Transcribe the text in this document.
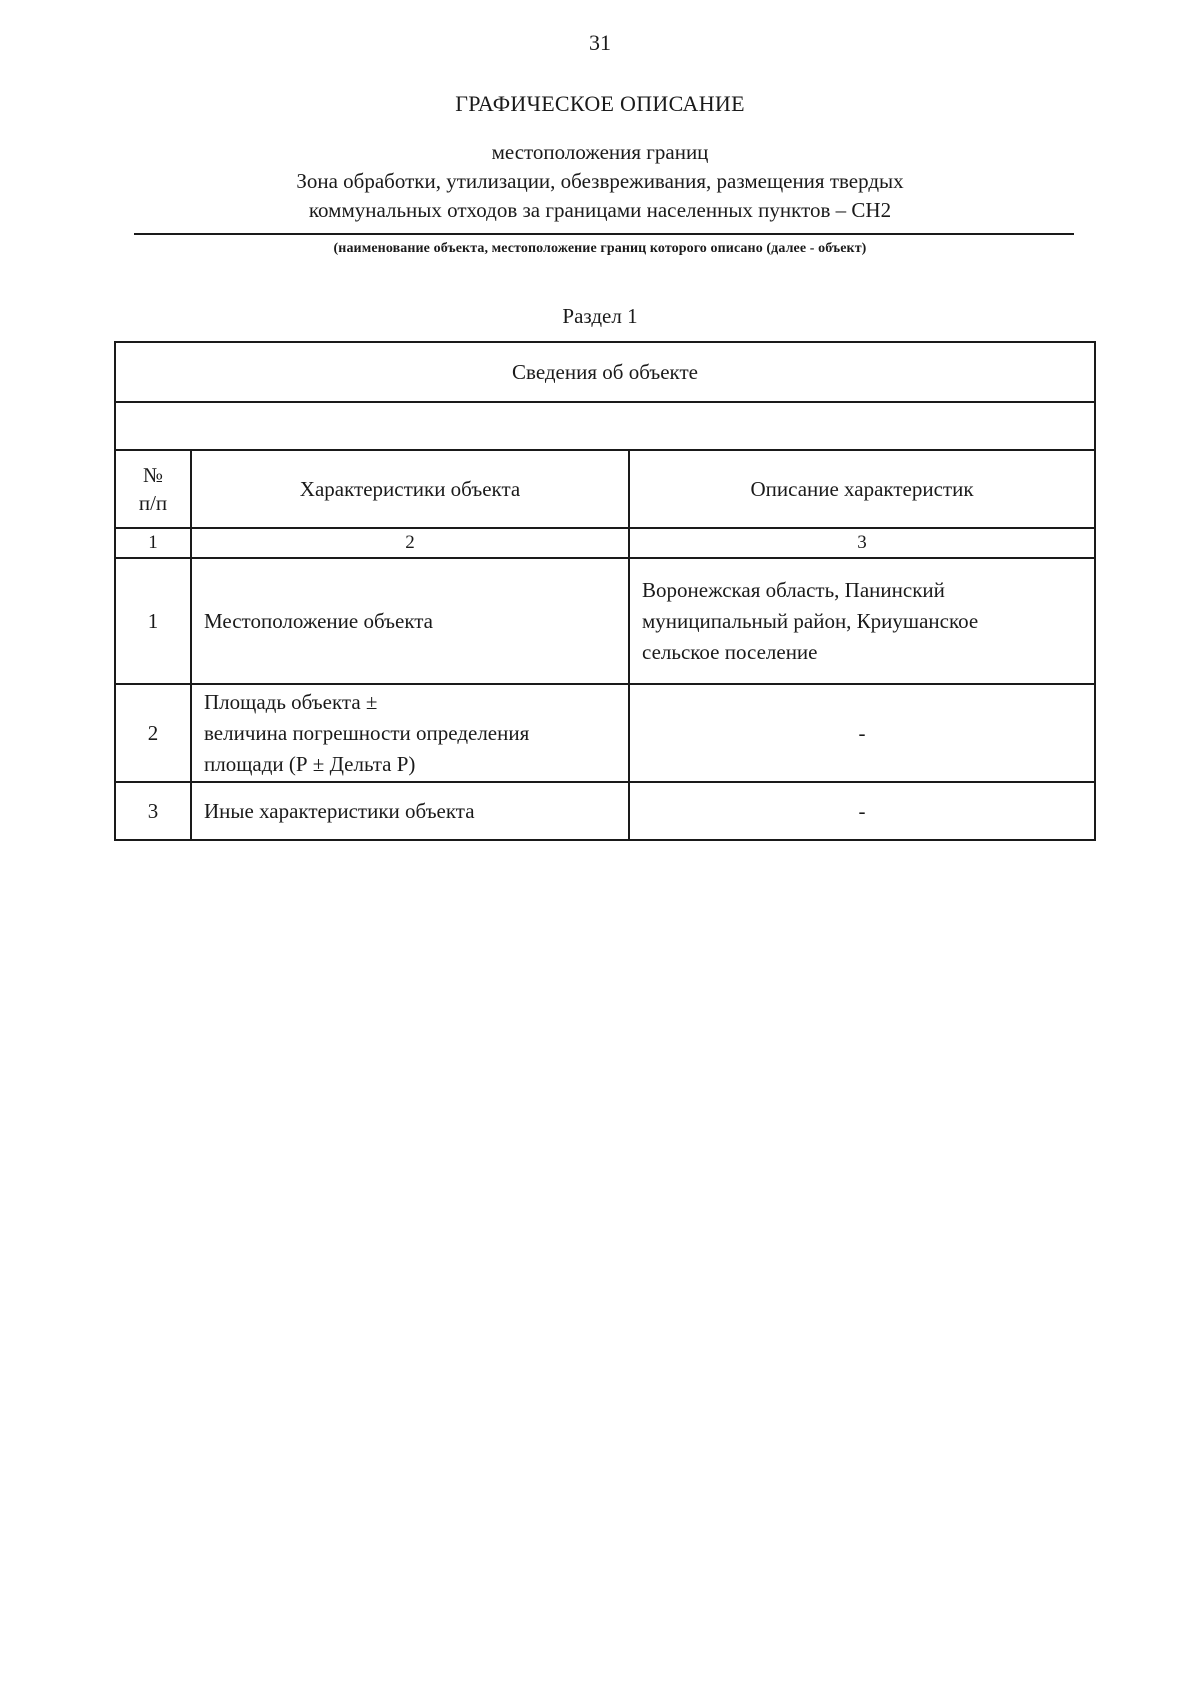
31
ГРАФИЧЕСКОЕ ОПИСАНИЕ
местоположения границ
Зона обработки, утилизации, обезвреживания, размещения твердых
коммунальных отходов за границами населенных пунктов – СН2
(наименование объекта, местоположение границ которого описано (далее - объект)
Раздел 1
Сведения об объекте		

№
п/п	Характеристики объекта	Описание характеристик
1	2	3
1	Местоположение объекта	Воронежская область, Панинский
муниципальный район, Криушанское
сельское поселение

2	Площадь объекта ±
величина погрешности определения
площади (Р ± Дельта Р)	-
3	Иные характеристики объекта	-
